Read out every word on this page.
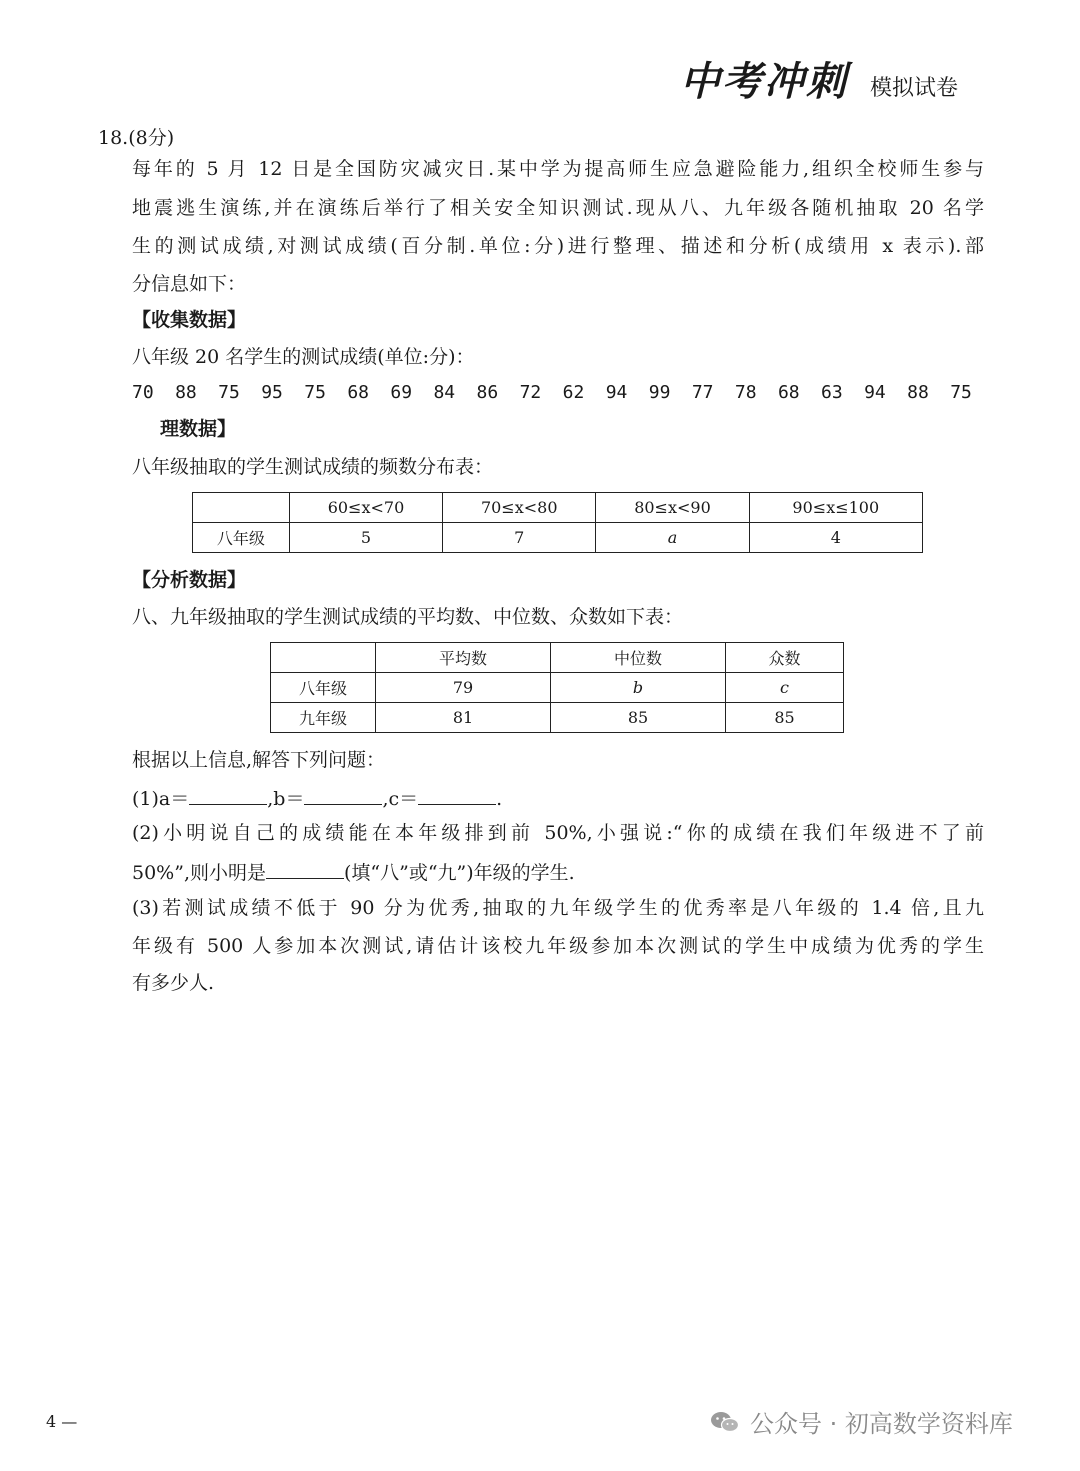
中考冲刺 模拟试卷
18.(8分)
每年的 5 月 12 日是全国防灾减灾日.某中学为提高师生应急避险能力,组织全校师生参与
地震逃生演练,并在演练后举行了相关安全知识测试.现从八、九年级各随机抽取 20 名学
生的测试成绩,对测试成绩(百分制.单位:分)进行整理、描述和分析(成绩用 x 表示).部
分信息如下：
【收集数据】
八年级 20 名学生的测试成绩(单位:分)：
70 88 75 95 75 68 69 84 86 72 62 94 99 77 78 68 63 94 88 75
理数据】
八年级抽取的学生测试成绩的频数分布表：
	60≤x<70	70≤x<80	80≤x<90	90≤x≤100
八年级	5	7	a	4
【分析数据】
八、九年级抽取的学生测试成绩的平均数、中位数、众数如下表：
	平均数	中位数	众数
八年级	79	b	c
九年级	81	85	85
根据以上信息,解答下列问题：
(1)a＝	,b＝	,c＝	.
(2)小明说自己的成绩能在本年级排到前 50%,小强说:“你的成绩在我们年级进不了前
50%”,则小明是	(填“八”或“九”)年级的学生.
(3)若测试成绩不低于 90 分为优秀,抽取的九年级学生的优秀率是八年级的 1.4 倍,且九
年级有 500 人参加本次测试,请估计该校九年级参加本次测试的学生中成绩为优秀的学生
有多少人.
4 —	公众号 · 初高数学资料库
